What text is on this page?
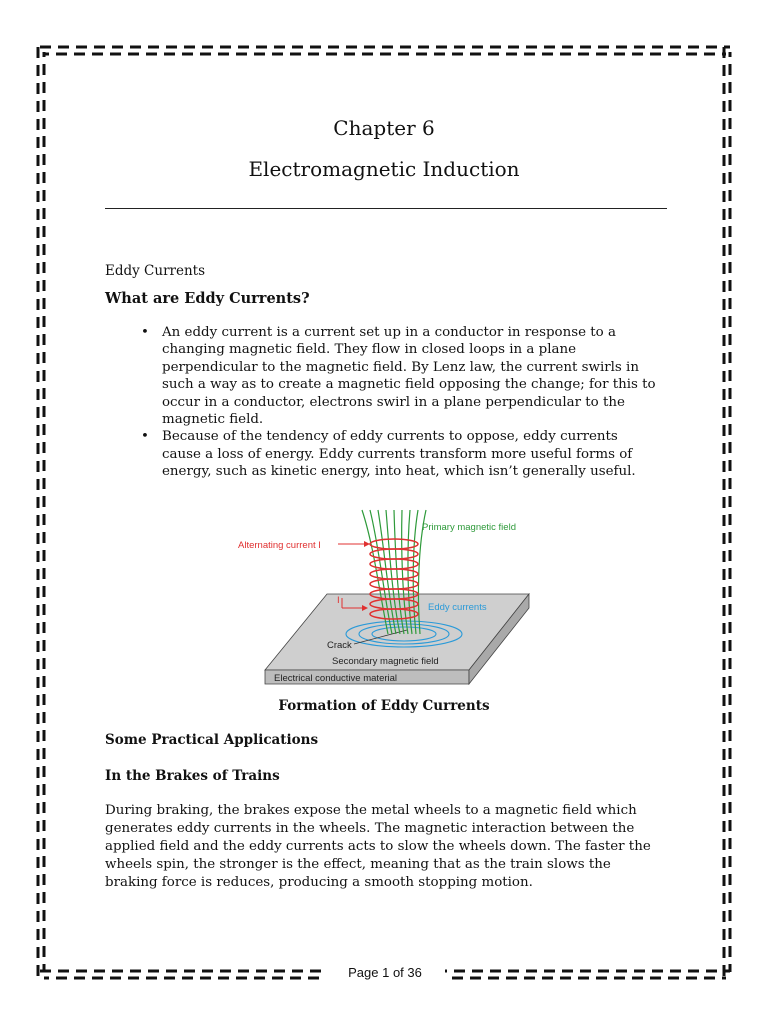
Chapter 6
Electromagnetic Induction
Eddy Currents
What are Eddy Currents?
• An eddy current is a current set up in a conductor in response to a changing magnetic field. They flow in closed loops in a plane perpendicular to the magnetic field. By Lenz law, the current swirls in such a way as to create a magnetic field opposing the change; for this to occur in a conductor, electrons swirl in a plane perpendicular to the magnetic field.
• Because of the tendency of eddy currents to oppose, eddy currents cause a loss of energy. Eddy currents transform more useful forms of energy, such as kinetic energy, into heat, which isn’t generally useful.
Alternating current I
Primary magnetic field
I
Eddy currents
Crack
Secondary magnetic field
Electrical conductive material
Formation of Eddy Currents
Some Practical Applications
In the Brakes of Trains

During braking, the brakes expose the metal wheels to a magnetic field which generates eddy currents in the wheels. The magnetic interaction between the applied field and the eddy currents acts to slow the wheels down. The faster the wheels spin, the stronger is the effect, meaning that as the train slows the braking force is reduces, producing a smooth stopping motion.

Page 1 of 36
